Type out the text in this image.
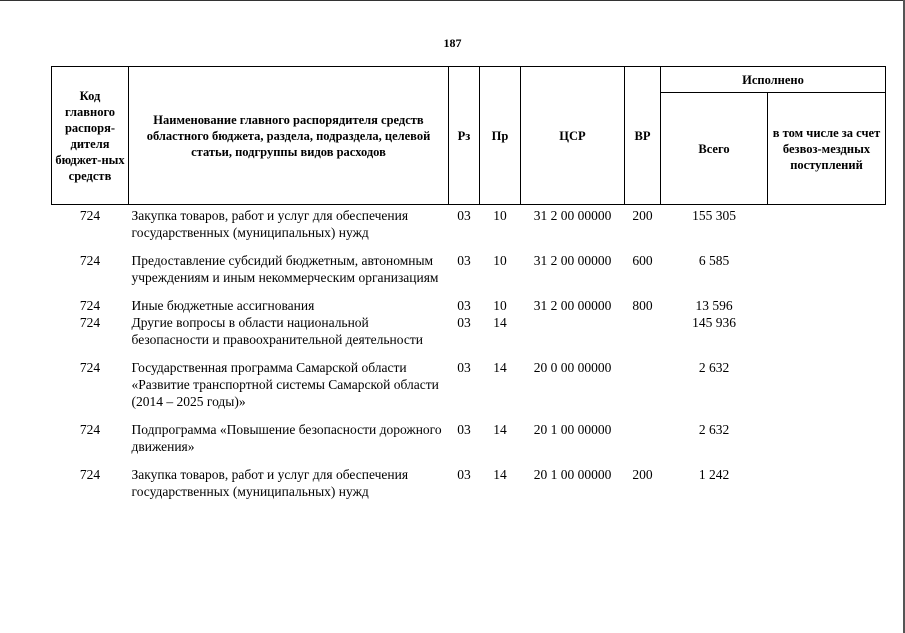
187
Код главного распоря-дителя бюджет-ных средств	Наименование главного распорядителя средств областного бюджета, раздела, подраздела, целевой статьи, подгруппы видов расходов	Рз	Пр	ЦСР	ВР	Исполнено	
						Всего	в том числе за счет безвоз-мездных поступлений
724	Закупка товаров, работ и услуг для обеспечения государственных (муниципальных) нужд	03	10	31 2 00 00000	200	155 305	
724	Предоставление субсидий бюджетным, автономным учреждениям и иным некоммерческим организациям	03	10	31 2 00 00000	600	6 585	
724	Иные бюджетные ассигнования	03	10	31 2 00 00000	800	13 596	
724	Другие вопросы в области национальной безопасности и правоохранительной деятельности	03	14			145 936	
724	Государственная программа Самарской области «Развитие транспортной системы Самарской области (2014 – 2025 годы)»	03	14	20 0 00 00000		2 632	
724	Подпрограмма «Повышение безопасности дорожного движения»	03	14	20 1 00 00000		2 632	
724	Закупка товаров, работ и услуг для обеспечения государственных (муниципальных) нужд	03	14	20 1 00 00000	200	1 242	
